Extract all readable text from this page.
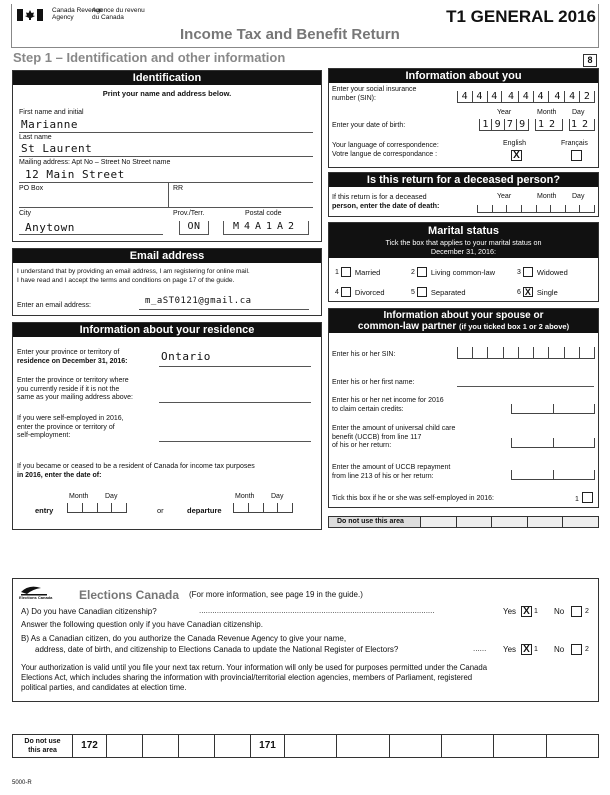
Canada Revenue
Agency
Agence du revenu
du Canada	T1 GENERAL 2016
Income Tax and Benefit Return
Step 1 – Identification and other information	8
Identification
Print your name and address below.
First name and initial
Marianne
Last name
St Laurent
Mailing address: Apt No – Street No Street name
12 Main Street
PO Box	RR
City	Prov./Terr.	Postal code
Anytown	ON	M4A1A2
Email address
I understand that by providing an email address, I am registering for online mail.
I have read and I accept the terms and conditions on page 17 of the guide.
Enter an email address:	m_aST0121@gmail.ca
Information about your residence
Enter your province or territory of
residence on December 31, 2016:	Ontario
Enter the province or territory where
you currently reside if it is not the
same as your mailing address above:
If you were self-employed in 2016,
enter the province or territory of
self-employment:
If you became or ceased to be a resident of Canada for income tax purposes
in 2016, enter the date of:
Month Day
entry	or
Month Day
departure
Information about you
Enter your social insurance
number (SIN):	4 4 4	4 4 4	4 4 2
Year	Month Day
Enter your date of birth:	1 9 7 9	12 12
Your language of correspondence:
Votre langue de correspondance :
English	Français
X
Is this return for a deceased person?
Year	Month Day
If this return is for a deceased
person, enter the date of death:
Marital status
Tick the box that applies to your marital status on
December 31, 2016:
1 Married	2 Living common-law	3 Widowed
4 Divorced	5 Separated	6 X Single
Information about your spouse or
common-law partner (if you ticked box 1 or 2 above)
Enter his or her SIN:
Enter his or her first name:
Enter his or her net income for 2016
to claim certain credits:
Enter the amount of universal child care
benefit (UCCB) from line 117
of his or her return:
Enter the amount of UCCB repayment
from line 213 of his or her return:
Tick this box if he or she was self-employed in 2016:	1
Do not use this area
Elections Canada Elections Canada (For more information, see page 19 in the guide.)
A) Do you have Canadian citizenship?	..........................................................................................................	Yes X 1 No	2
Answer the following question only if you have Canadian citizenship.
B) As a Canadian citizen, do you authorize the Canada Revenue Agency to give your name,
address, date of birth, and citizenship to Elections Canada to update the National Register of Electors?	......	Yes X 1 No	2
Your authorization is valid until you file your next tax return. Your information will only be used for purposes permitted under the Canada
Elections Act, which includes sharing the information with provincial/territorial election agencies, members of Parliament, registered
political parties, and candidates at election time.
Do not use
this area	172	171
5000-R
